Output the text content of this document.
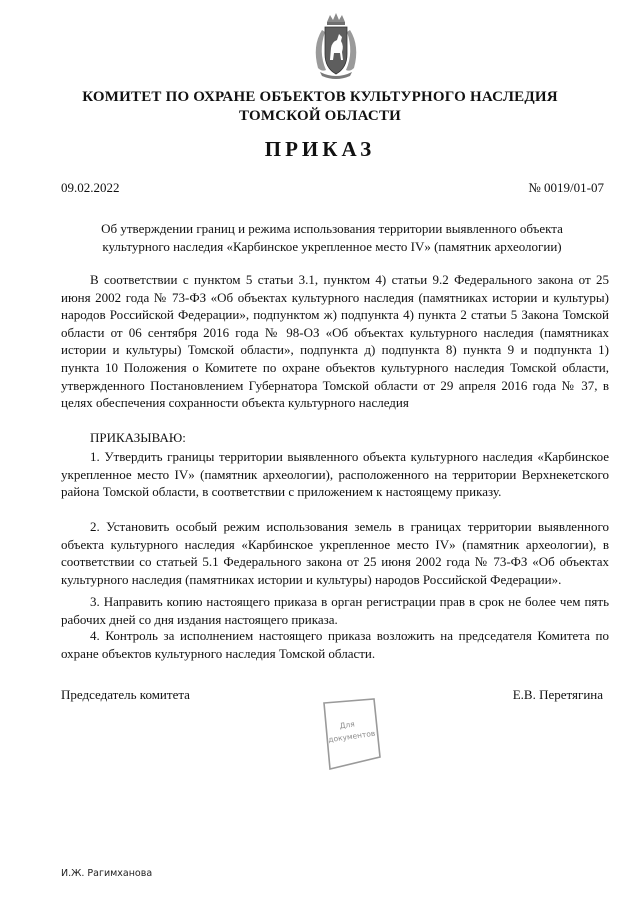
КОМИТЕТ ПО ОХРАНЕ ОБЪЕКТОВ КУЛЬТУРНОГО НАСЛЕДИЯ
ТОМСКОЙ ОБЛАСТИ
ПРИКАЗ
09.02.2022	№ 0019/01-07
Об утверждении границ и режима использования территории выявленного объекта
культурного наследия «Карбинское укрепленное место IV» (памятник археологии)

В соответствии с пунктом 5 статьи 3.1, пунктом 4) статьи 9.2 Федерального закона от 25 июня 2002 года № 73-ФЗ «Об объектах культурного наследия (памятниках истории и культуры) народов Российской Федерации», подпунктом ж) подпункта 4) пункта 2 статьи 5 Закона Томской области от 06 сентября 2016 года № 98-ОЗ «Об объектах культурного наследия (памятниках истории и культуры) Томской области», подпункта д) подпункта 8) пункта 9 и подпункта 1) пункта 10 Положения о Комитете по охране объектов культурного наследия Томской области, утвержденного Постановлением Губернатора Томской области от 29 апреля 2016 года № 37, в целях обеспечения сохранности объекта культурного наследия

ПРИКАЗЫВАЮ:

1. Утвердить границы территории выявленного объекта культурного наследия «Карбинское укрепленное место IV» (памятник археологии), расположенного на территории Верхнекетского района Томской области, в соответствии с приложением к настоящему приказу.

2. Установить особый режим использования земель в границах территории выявленного объекта культурного наследия «Карбинское укрепленное место IV» (памятник археологии), в соответствии со статьей 5.1 Федерального закона от 25 июня 2002 года № 73-ФЗ «Об объектах культурного наследия (памятниках истории и культуры) народов Российской Федерации».

3. Направить копию настоящего приказа в орган регистрации прав в срок не более чем пять рабочих дней со дня издания настоящего приказа.

4. Контроль за исполнением настоящего приказа возложить на председателя Комитета по охране объектов культурного наследия Томской области.

Председатель комитета	Е.В. Перетягина
Для
документов
И.Ж. Рагимханова
